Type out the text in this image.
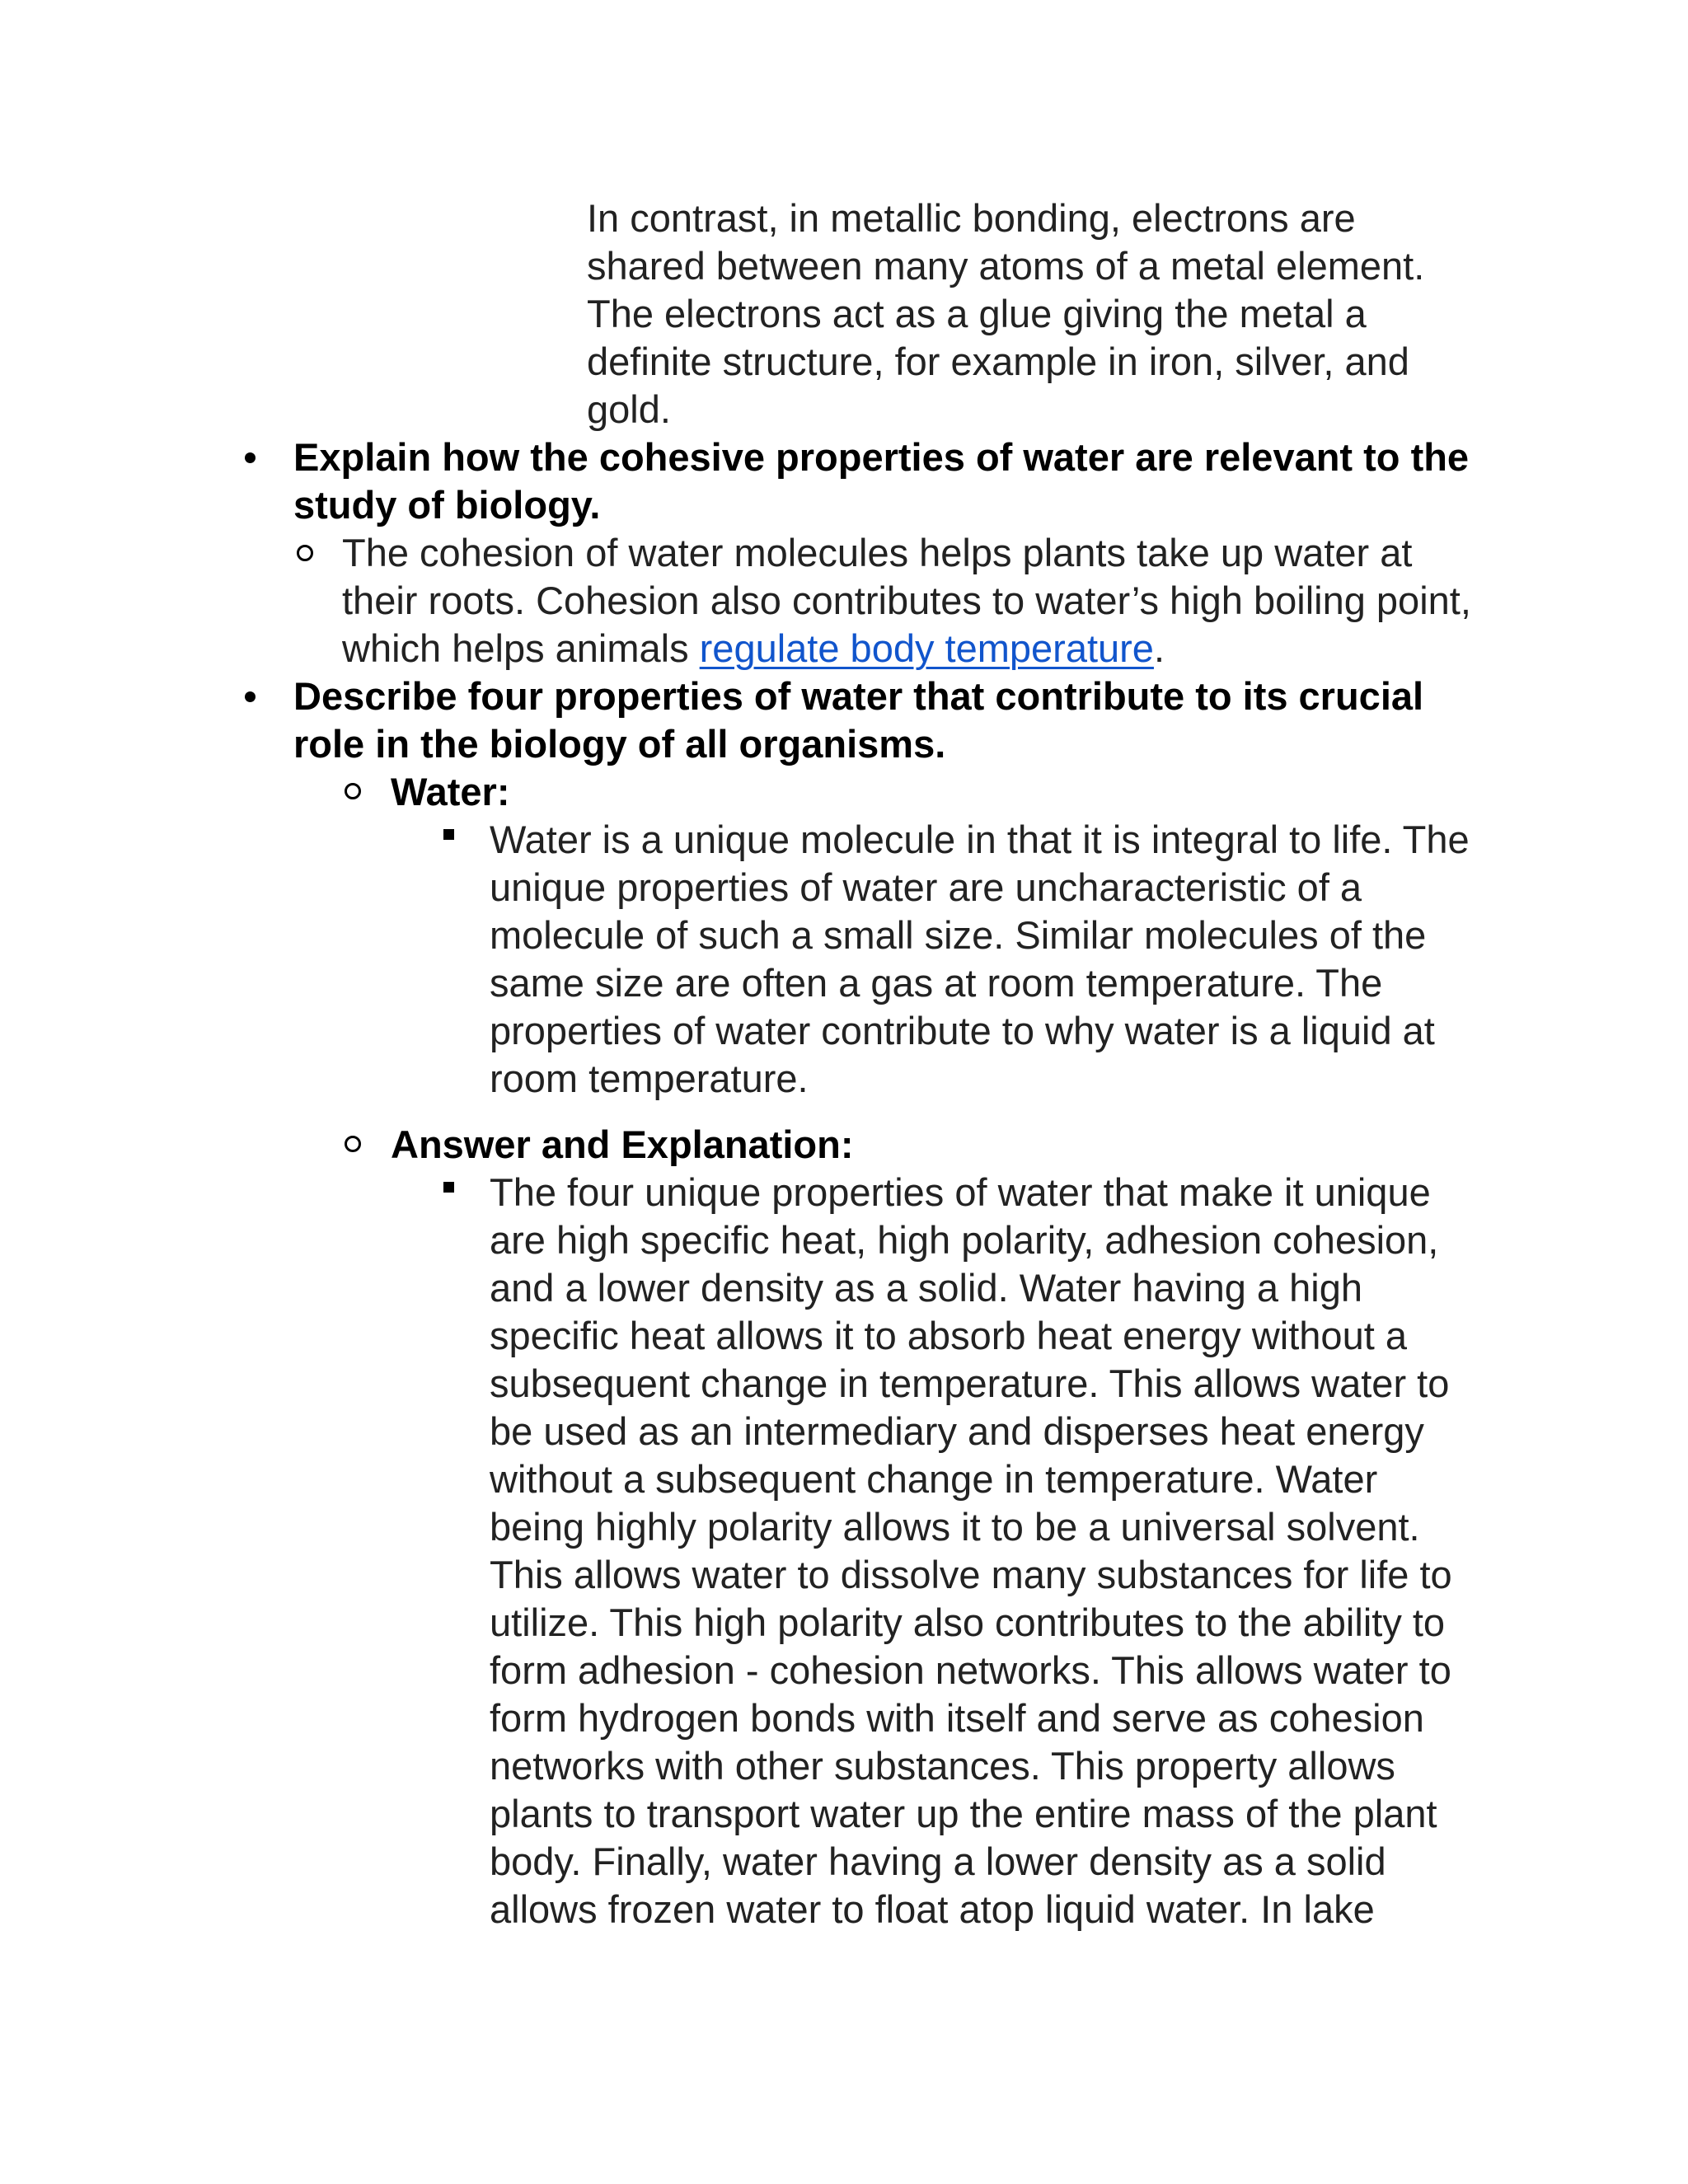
In contrast, in metallic bonding, electrons are shared between many atoms of a metal element. The electrons act as a glue giving the metal a definite structure, for example in iron, silver, and gold.

Explain how the cohesive properties of water are relevant to the study of biology.

The cohesion of water molecules helps plants take up water at their roots. Cohesion also contributes to water’s high boiling point, which helps animals regulate body temperature.

Describe four properties of water that contribute to its crucial role in the biology of all organisms.

Water:

Water is a unique molecule in that it is integral to life. The unique properties of water are uncharacteristic of a molecule of such a small size. Similar molecules of the same size are often a gas at room temperature. The properties of water contribute to why water is a liquid at room temperature.

Answer and Explanation:

The four unique properties of water that make it unique are high specific heat, high polarity, adhesion cohesion, and a lower density as a solid. Water having a high specific heat allows it to absorb heat energy without a subsequent change in temperature. This allows water to be used as an intermediary and disperses heat energy without a subsequent change in temperature. Water being highly polarity allows it to be a universal solvent. This allows water to dissolve many substances for life to utilize. This high polarity also contributes to the ability to form adhesion - cohesion networks. This allows water to form hydrogen bonds with itself and serve as cohesion networks with other substances. This property allows plants to transport water up the entire mass of the plant body. Finally, water having a lower density as a solid allows frozen water to float atop liquid water. In lake
